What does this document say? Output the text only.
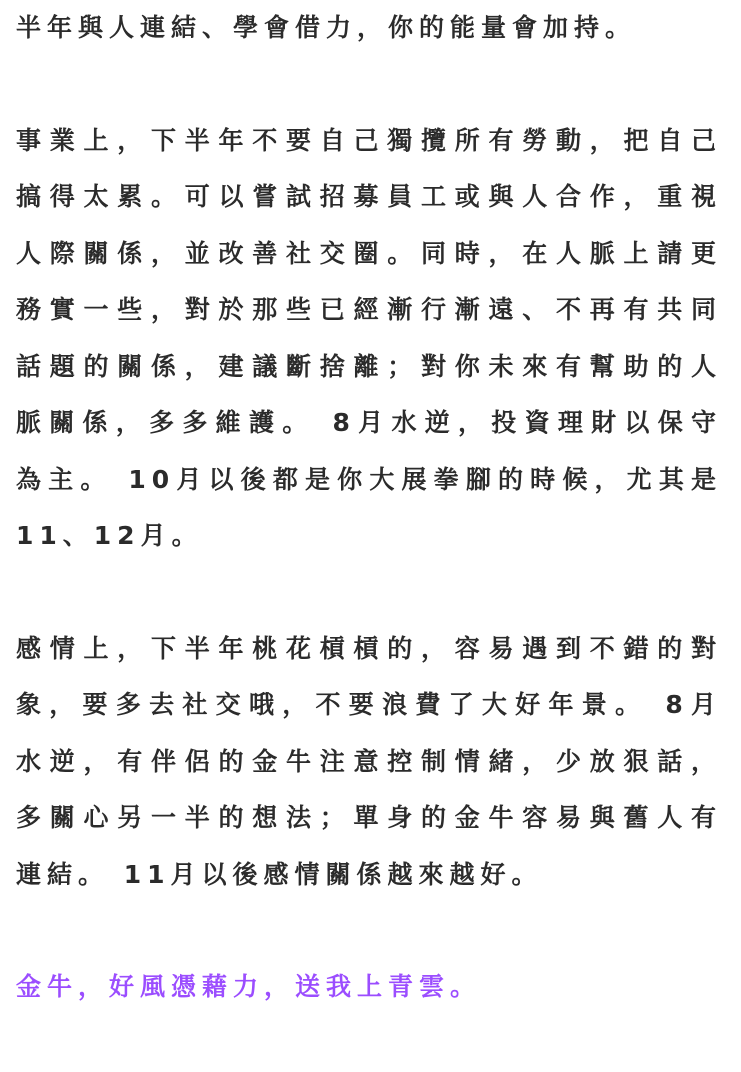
半年與人連結、學會借力，你的能量會加持。
事業上，下半年不要自己獨攬所有勞動，把自己
搞得太累。可以嘗試招募員工或與人合作，重視
人際關係，並改善社交圈。同時，在人脈上請更
務實一些，對於那些已經漸行漸遠、不再有共同
話題的關係，建議斷捨離；對你未來有幫助的人
脈關係，多多維護。 8月水逆，投資理財以保守
為主。 10月以後都是你大展拳腳的時候，尤其是
11、12月。
感情上，下半年桃花槓槓的，容易遇到不錯的對
象，要多去社交哦，不要浪費了大好年景。 8月
水逆，有伴侶的金牛注意控制情緒，少放狠話，
多關心另一半的想法；單身的金牛容易與舊人有
連結。 11月以後感情關係越來越好。
金牛，好風憑藉力，送我上青雲。
